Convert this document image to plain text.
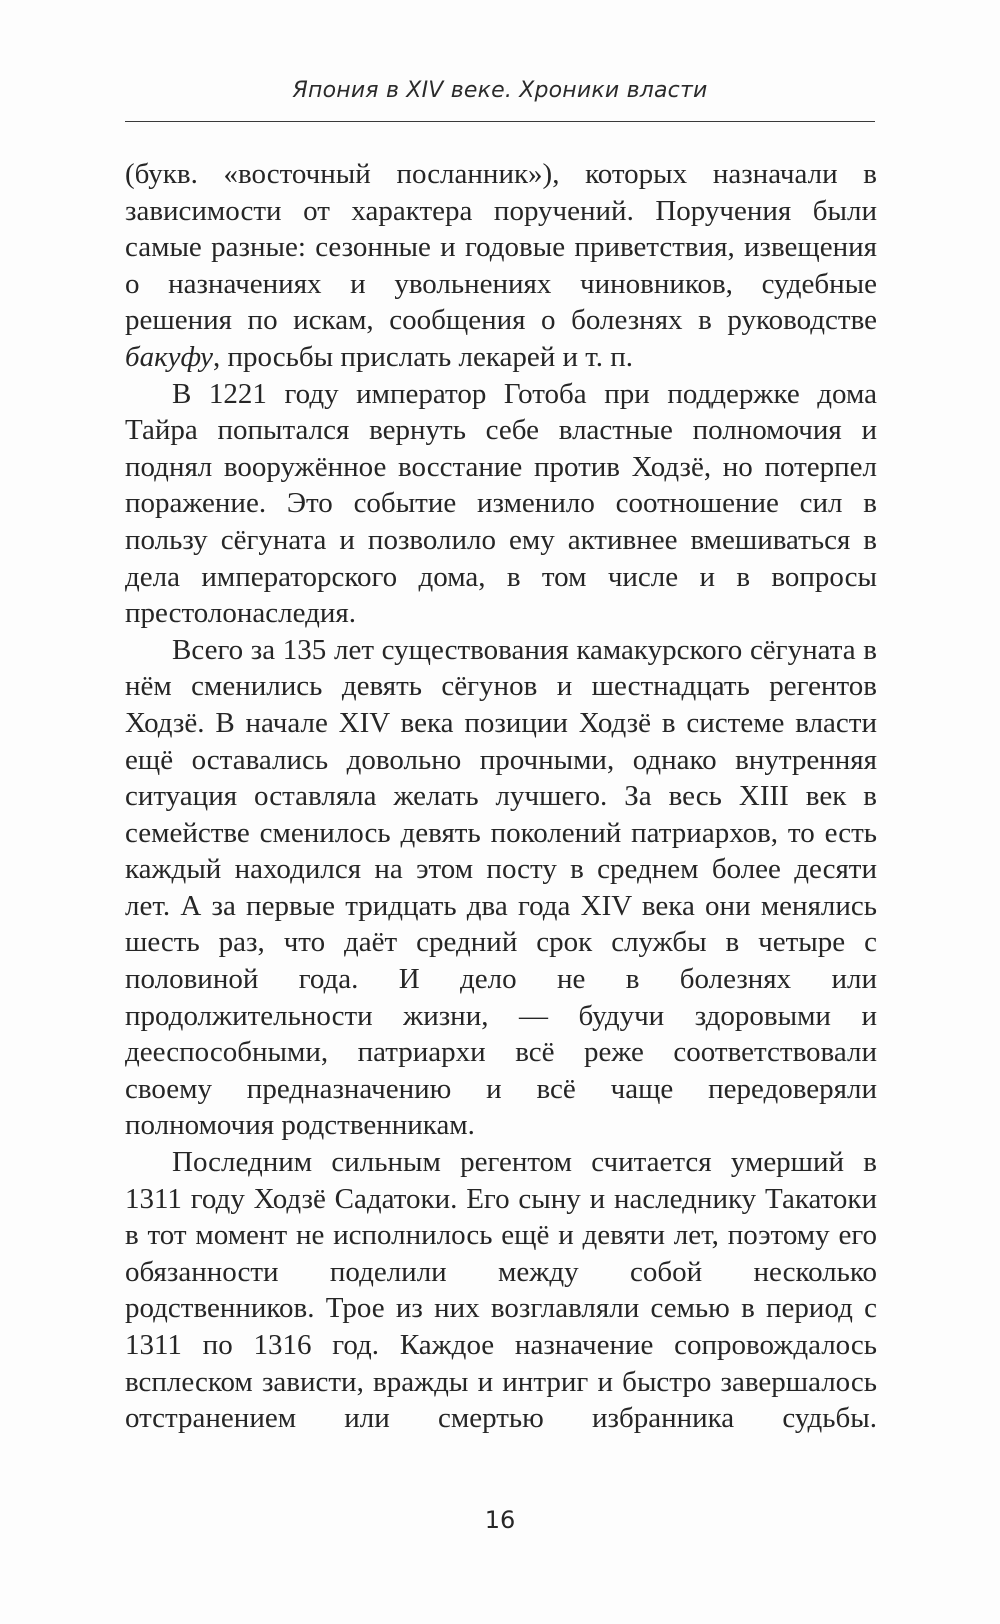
Япония в XIV веке. Хроники власти

(букв. «восточный посланник»), которых назначали в зависимости от характера поручений. Поручения были самые разные: сезонные и годовые приветствия, извещения о назначениях и увольнениях чиновников, судебные решения по искам, сообщения о болезнях в руководстве бакуфу, просьбы прислать лекарей и т. п.

В 1221 году император Готоба при поддержке дома Тайра попытался вернуть себе властные полномочия и поднял вооружённое восстание против Ходзё, но потерпел поражение. Это событие изменило соотношение сил в пользу сёгуната и позволило ему активнее вмешиваться в дела императорского дома, в том числе и в вопросы престолонаследия.

Всего за 135 лет существования камакурского сёгуната в нём сменились девять сёгунов и шестнадцать регентов Ходзё. В начале XIV века позиции Ходзё в системе власти ещё оставались довольно прочными, однако внутренняя ситуация оставляла желать лучшего. За весь XIII век в семействе сменилось девять поколений патриархов, то есть каждый находился на этом посту в среднем более десяти лет. А за первые тридцать два года XIV века они менялись шесть раз, что даёт средний срок службы в четыре с половиной года. И дело не в болезнях или продолжительности жизни, — будучи здоровыми и дееспособными, патриархи всё реже соответствовали своему предназначению и всё чаще передоверяли полномочия родственникам.

Последним сильным регентом считается умерший в 1311 году Ходзё Садатоки. Его сыну и наследнику Такатоки в тот момент не исполнилось ещё и девяти лет, поэтому его обязанности поделили между собой несколько родственников. Трое из них возглавляли семью в период с 1311 по 1316 год. Каждое назначение сопровождалось всплеском зависти, вражды и интриг и быстро завершалось отстранением или смертью избранника судьбы.

16
